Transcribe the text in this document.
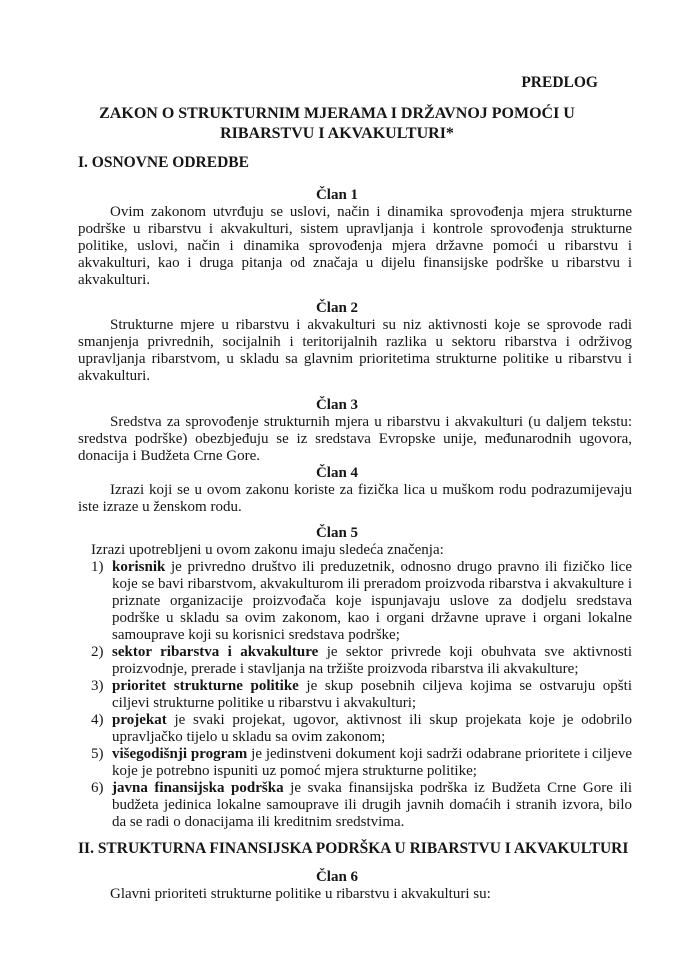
PREDLOG

ZAKON O STRUKTURNIM MJERAMA I DRŽAVNOJ POMOĆI U RIBARSTVU I AKVAKULTURI*
I. OSNOVNE ODREDBE
Član 1

Ovim zakonom utvrđuju se uslovi, način i dinamika sprovođenja mjera strukturne podrške u ribarstvu i akvakulturi, sistem upravljanja i kontrole sprovođenja strukturne politike, uslovi, način i dinamika sprovođenja mjera državne pomoći u ribarstvu i akvakulturi, kao i druga pitanja od značaja u dijelu finansijske podrške u ribarstvu i akvakulturi.

Član 2

Strukturne mjere u ribarstvu i akvakulturi su niz aktivnosti koje se sprovode radi smanjenja privrednih, socijalnih i teritorijalnih razlika u sektoru ribarstva i održivog upravljanja ribarstvom, u skladu sa glavnim prioritetima strukturne politike u ribarstvu i akvakulturi.

Član 3

Sredstva za sprovođenje strukturnih mjera u ribarstvu i akvakulturi (u daljem tekstu: sredstva podrške) obezbjeđuju se iz sredstava Evropske unije, međunarodnih ugovora, donacija i Budžeta Crne Gore.

Član 4

Izrazi koji se u ovom zakonu koriste za fizička lica u muškom rodu podrazumijevaju iste izraze u ženskom rodu.

Član 5

Izrazi upotrebljeni u ovom zakonu imaju sledeća značenja:

1) korisnik je privredno društvo ili preduzetnik, odnosno drugo pravno ili fizičko lice koje se bavi ribarstvom, akvakulturom ili preradom proizvoda ribarstva i akvakulture i priznate organizacije proizvođača koje ispunjavaju uslove za dodjelu sredstava podrške u skladu sa ovim zakonom, kao i organi državne uprave i organi lokalne samouprave koji su korisnici sredstava podrške;

2) sektor ribarstva i akvakulture je sektor privrede koji obuhvata sve aktivnosti proizvodnje, prerade i stavljanja na tržište proizvoda ribarstva ili akvakulture;

3) prioritet strukturne politike je skup posebnih ciljeva kojima se ostvaruju opšti ciljevi strukturne politike u ribarstvu i akvakulturi;

4) projekat je svaki projekat, ugovor, aktivnost ili skup projekata koje je odobrilo upravljačko tijelo u skladu sa ovim zakonom;

5) višegodišnji program je jedinstveni dokument koji sadrži odabrane prioritete i ciljeve koje je potrebno ispuniti uz pomoć mjera strukturne politike;

6) javna finansijska podrška je svaka finansijska podrška iz Budžeta Crne Gore ili budžeta jedinica lokalne samouprave ili drugih javnih domaćih i stranih izvora, bilo da se radi o donacijama ili kreditnim sredstvima.

II. STRUKTURNA FINANSIJSKA PODRŠKA U RIBARSTVU I AKVAKULTURI
Član 6

Glavni prioriteti strukturne politike u ribarstvu i akvakulturi su:
